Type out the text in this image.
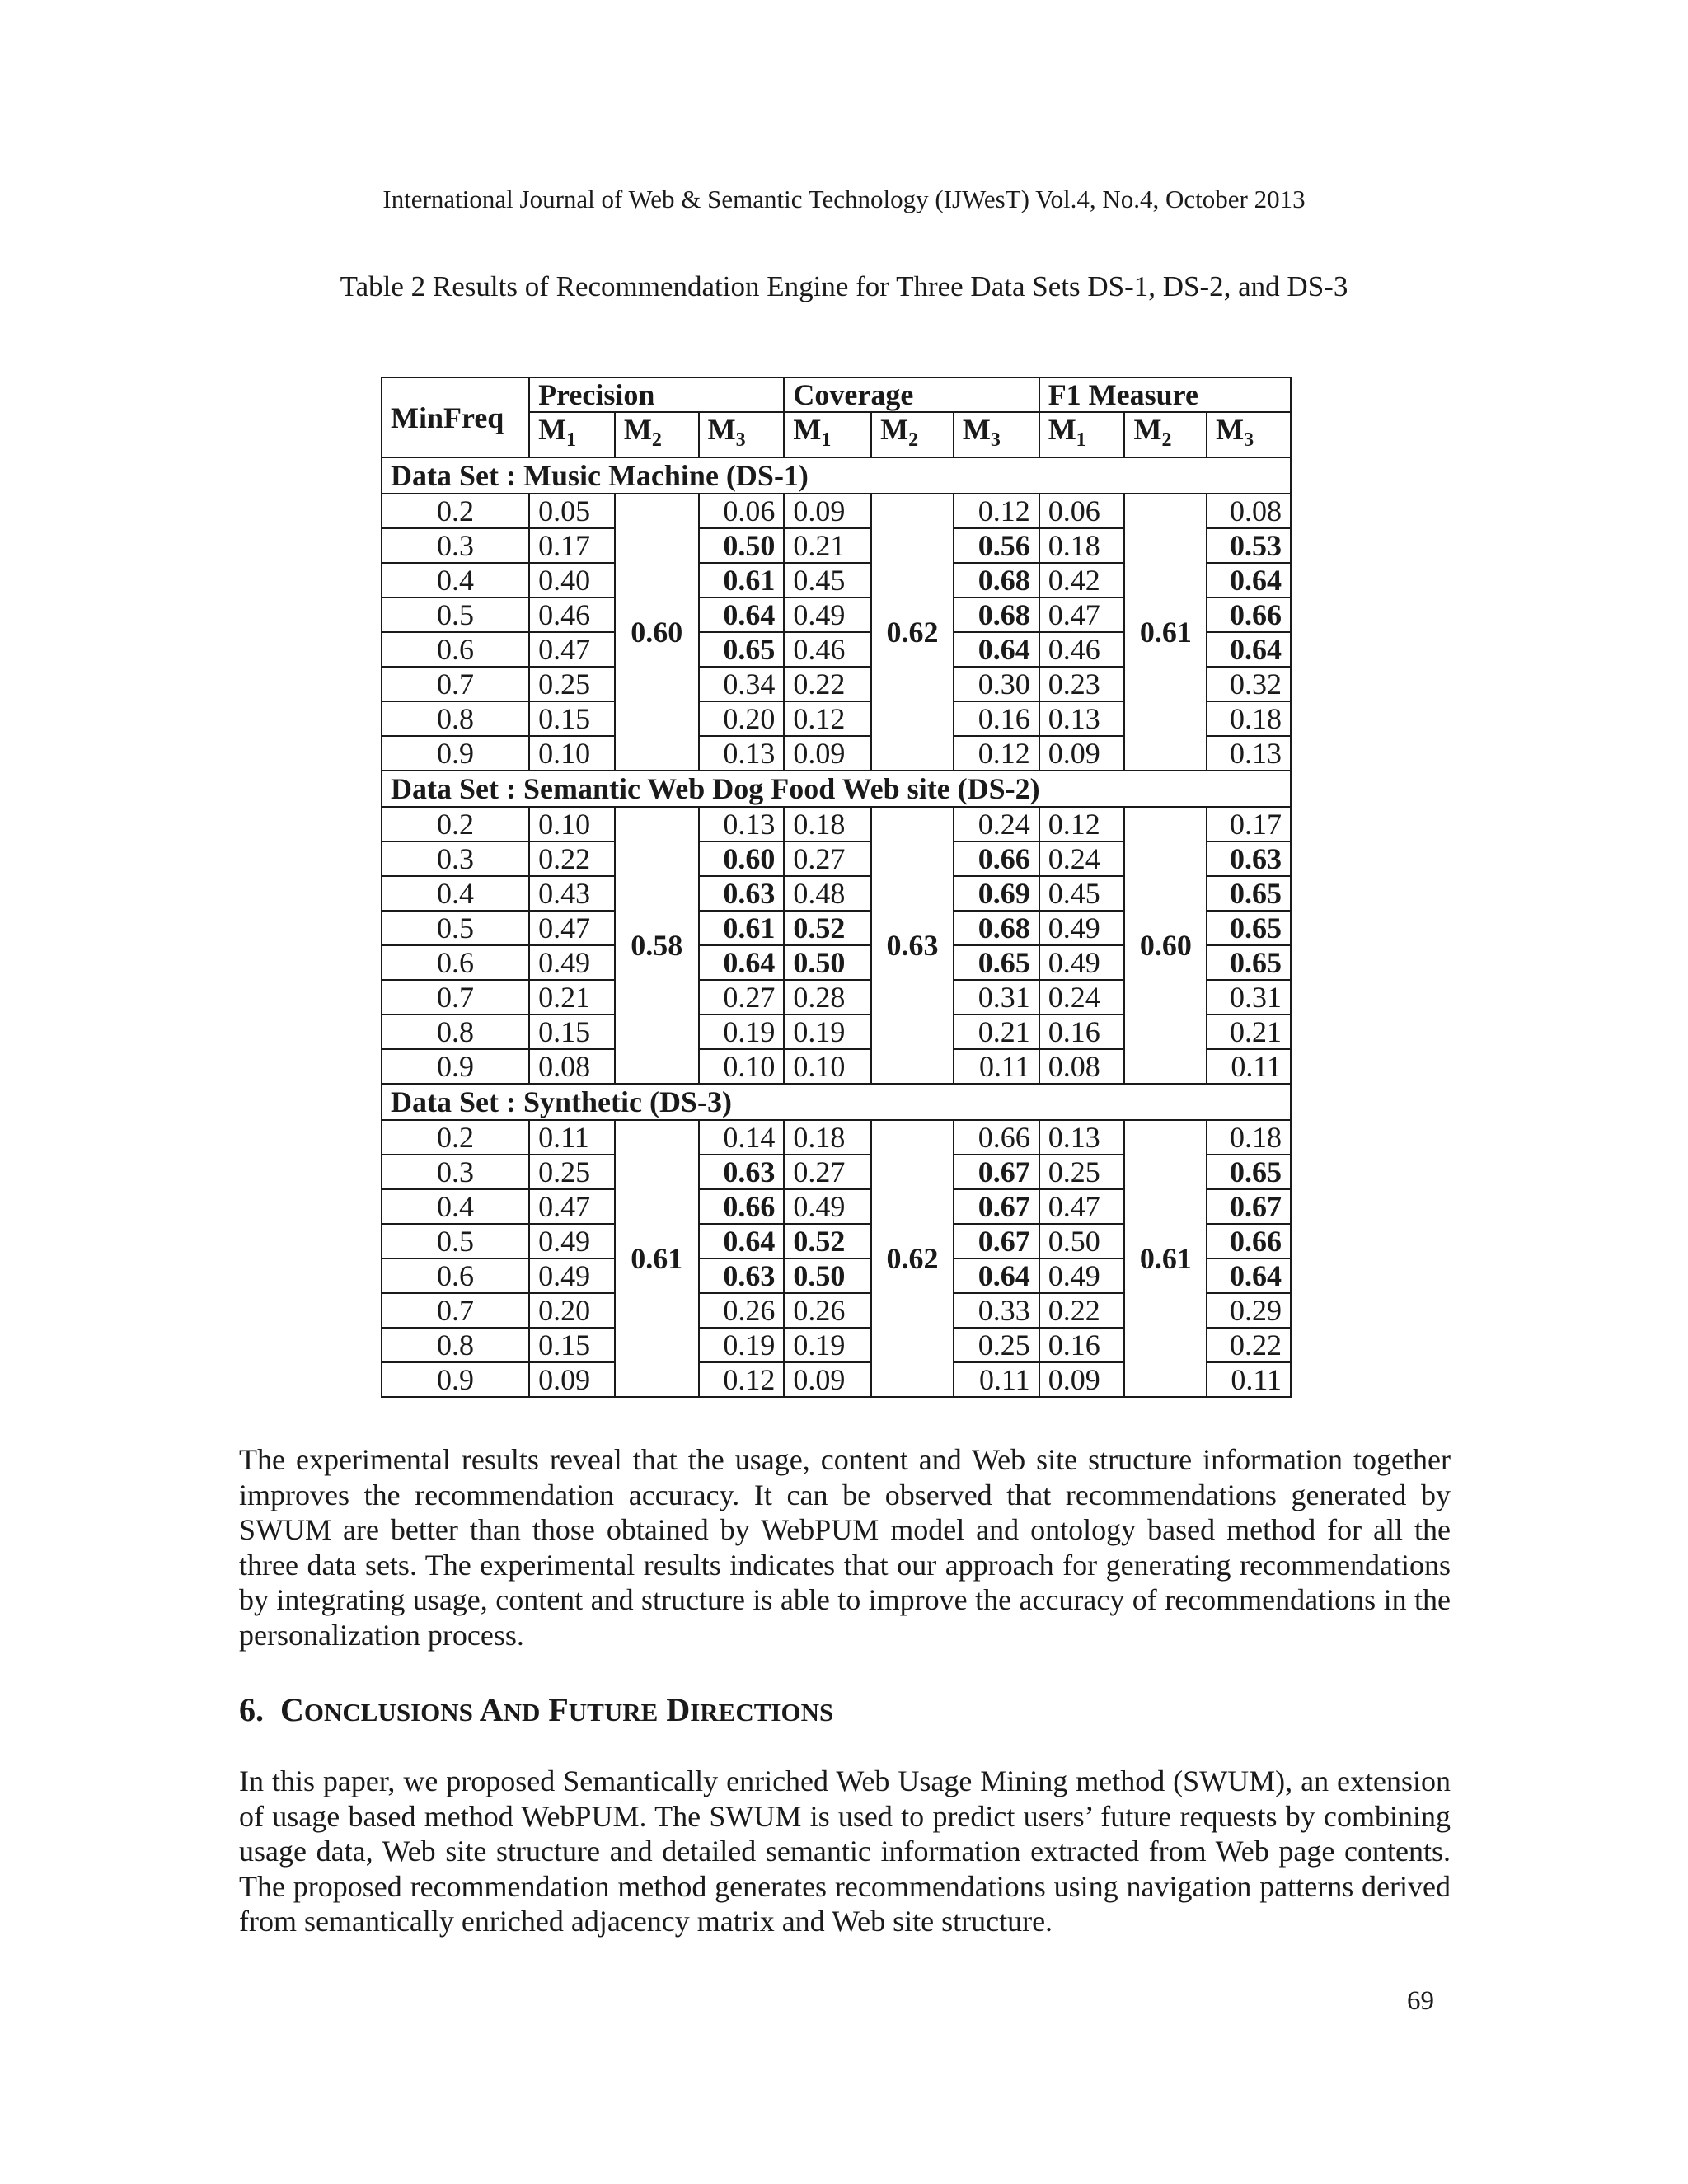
International Journal of Web & Semantic Technology (IJWesT) Vol.4, No.4, October 2013
Table 2 Results of Recommendation Engine for Three Data Sets DS-1, DS-2, and DS-3
MinFreq	Precision			Coverage			F1 Measure		
	$M_1$	$M_2$	$M_3$	$M_1$	$M_2$	$M_3$	$M_1$	$M_2$	$M_3$
Data Set : Music Machine (DS-1)									
0.2	0.05	0.60	0.06	0.09	0.62	0.12	0.06	0.61	0.08
0.3	0.17		0.50	0.21		0.56	0.18		0.53
0.4	0.40		0.61	0.45		0.68	0.42		0.64
0.5	0.46		0.64	0.49		0.68	0.47		0.66
0.6	0.47		0.65	0.46		0.64	0.46		0.64
0.7	0.25		0.34	0.22		0.30	0.23		0.32
0.8	0.15		0.20	0.12		0.16	0.13		0.18
0.9	0.10		0.13	0.09		0.12	0.09		0.13
Data Set : Semantic Web Dog Food Web site (DS-2)									
0.2	0.10	0.58	0.13	0.18	0.63	0.24	0.12	0.60	0.17
0.3	0.22		0.60	0.27		0.66	0.24		0.63
0.4	0.43		0.63	0.48		0.69	0.45		0.65
0.5	0.47		0.61	0.52		0.68	0.49		0.65
0.6	0.49		0.64	0.50		0.65	0.49		0.65
0.7	0.21		0.27	0.28		0.31	0.24		0.31
0.8	0.15		0.19	0.19		0.21	0.16		0.21
0.9	0.08		0.10	0.10		0.11	0.08		0.11
Data Set : Synthetic (DS-3)									
0.2	0.11	0.61	0.14	0.18	0.62	0.66	0.13	0.61	0.18
0.3	0.25		0.63	0.27		0.67	0.25		0.65
0.4	0.47		0.66	0.49		0.67	0.47		0.67
0.5	0.49		0.64	0.52		0.67	0.50		0.66
0.6	0.49		0.63	0.50		0.64	0.49		0.64
0.7	0.20		0.26	0.26		0.33	0.22		0.29
0.8	0.15		0.19	0.19		0.25	0.16		0.22
0.9	0.09		0.12	0.09		0.11	0.09		0.11

The experimental results reveal that the usage, content and Web site structure information together improves the recommendation accuracy. It can be observed that recommendations generated by SWUM are better than those obtained by WebPUM model and ontology based method for all the three data sets. The experimental results indicates that our approach for generating recommendations by integrating usage, content and structure is able to improve the accuracy of recommendations in the personalization process.

6. CONCLUSIONS AND FUTURE DIRECTIONS

In this paper, we proposed Semantically enriched Web Usage Mining method (SWUM), an extension of usage based method WebPUM. The SWUM is used to predict users’ future requests by combining usage data, Web site structure and detailed semantic information extracted from Web page contents. The proposed recommendation method generates recommendations using navigation patterns derived from semantically enriched adjacency matrix and Web site structure.

69
